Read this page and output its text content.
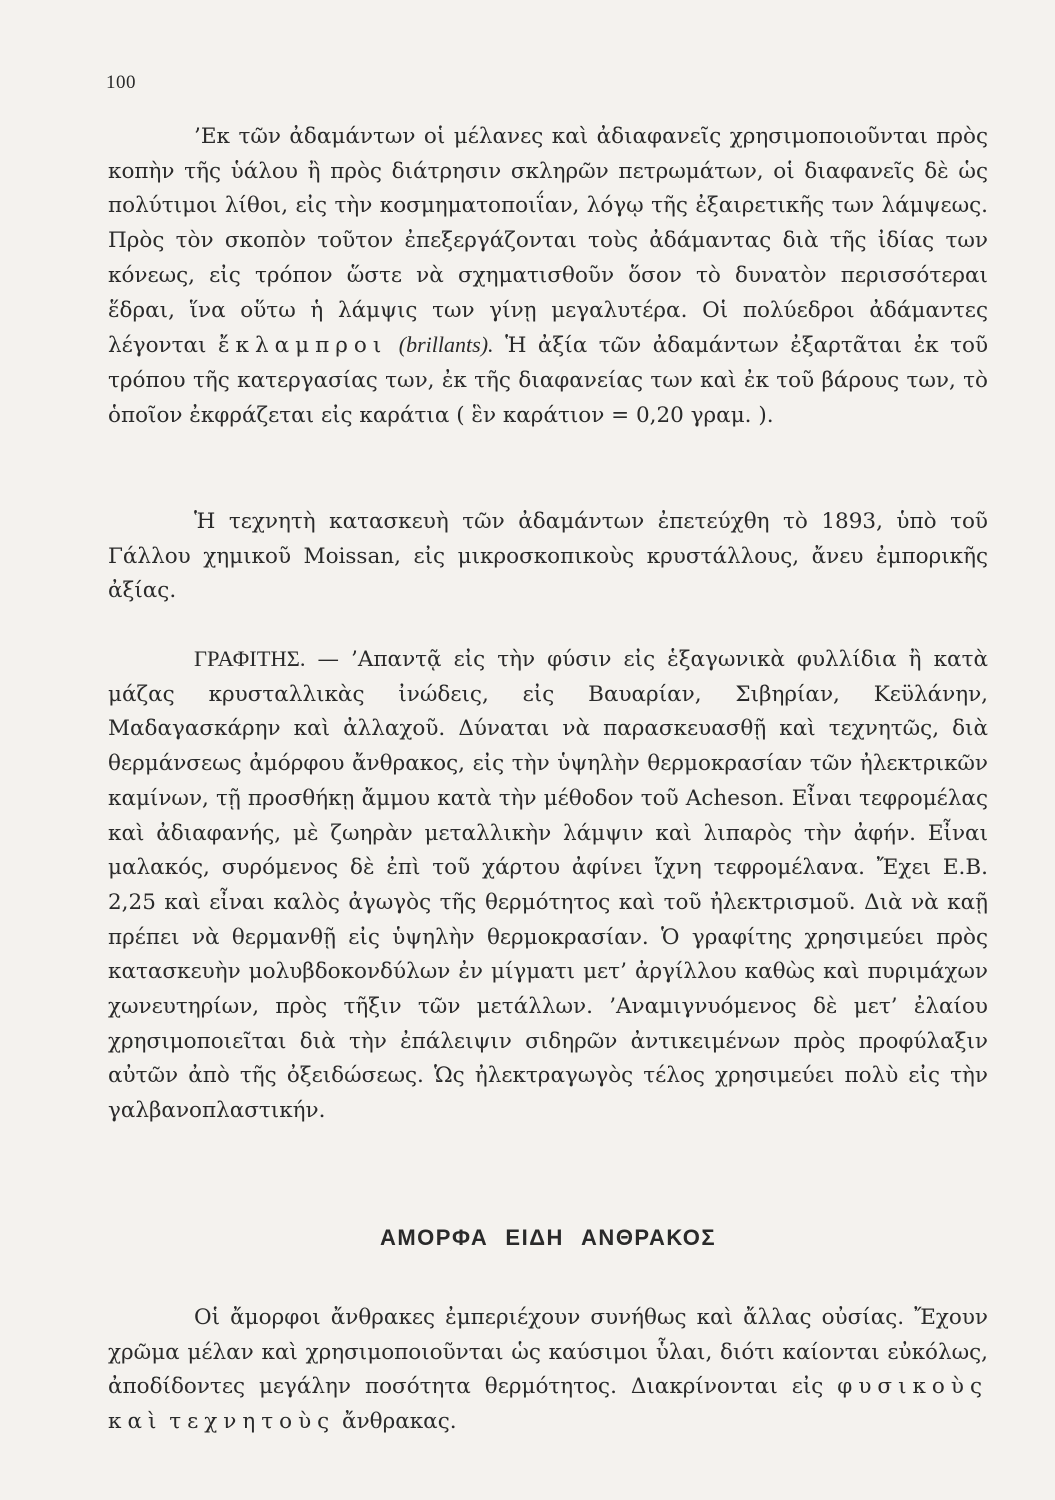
100
’Εκ τῶν ἀδαμάντων οἱ μέλανες καὶ ἀδιαφανεῖς χρησιμοποιοῦνται πρὸς κοπὴν τῆς ὑάλου ἢ πρὸς διάτρησιν σκληρῶν πετρωμάτων, οἱ διαφανεῖς δὲ ὡς πολύτιμοι λίθοι, εἰς τὴν κοσμηματοποιΐαν, λόγῳ τῆς ἐξαιρετικῆς των λάμψεως. Πρὸς τὸν σκοπὸν τοῦτον ἐπεξεργάζονται τοὺς ἀδάμαντας διὰ τῆς ἰδίας των κόνεως, εἰς τρόπον ὥστε νὰ σχηματισθοῦν ὅσον τὸ δυνατὸν περισσότεραι ἕδραι, ἵνα οὕτω ἡ λάμψις των γίνῃ μεγαλυτέρα. Οἱ πολύεδροι ἀδάμαντες λέγονται ἔκλαμπροι (brillants). Ἡ ἀξία τῶν ἀδαμάντων ἐξαρτᾶται ἐκ τοῦ τρόπου τῆς κατεργασίας των, ἐκ τῆς διαφανείας των καὶ ἐκ τοῦ βάρους των, τὸ ὁποῖον ἐκφράζεται εἰς καράτια ( ἓν καράτιον = 0,20 γραμ. ).
Ἡ τεχνητὴ κατασκευὴ τῶν ἀδαμάντων ἐπετεύχθη τὸ 1893, ὑπὸ τοῦ Γάλλου χημικοῦ Moissan, εἰς μικροσκοπικοὺς κρυστάλλους, ἄνευ ἐμπορικῆς ἀξίας.
ΓΡΑΦΙΤΗΣ. — ’Απαντᾷ εἰς τὴν φύσιν εἰς ἑξαγωνικὰ φυλλίδια ἢ κατὰ μάζας κρυσταλλικὰς ἰνώδεις, εἰς Βαυαρίαν, Σιβηρίαν, Κεϋλάνην, Μαδαγασκάρην καὶ ἀλλαχοῦ. Δύναται νὰ παρασκευασθῇ καὶ τεχνητῶς, διὰ θερμάνσεως ἀμόρφου ἄνθρακος, εἰς τὴν ὑψηλὴν θερμοκρασίαν τῶν ἠλεκτρικῶν καμίνων, τῇ προσθήκῃ ἄμμου κατὰ τὴν μέθοδον τοῦ Acheson. Εἶναι τεφρομέλας καὶ ἀδιαφανής, μὲ ζωηρὰν μεταλλικὴν λάμψιν καὶ λιπαρὸς τὴν ἀφήν. Εἶναι μαλακός, συρόμενος δὲ ἐπὶ τοῦ χάρτου ἀφίνει ἴχνη τεφρομέλανα. Ἔχει Ε.Β. 2,25 καὶ εἶναι καλὸς ἀγωγὸς τῆς θερμότητος καὶ τοῦ ἠλεκτρισμοῦ. Διὰ νὰ καῇ πρέπει νὰ θερμανθῇ εἰς ὑψηλὴν θερμοκρασίαν. Ὁ γραφίτης χρησιμεύει πρὸς κατασκευὴν μολυβδοκονδύλων ἐν μίγματι μετ’ ἀργίλλου καθὼς καὶ πυριμάχων χωνευτηρίων, πρὸς τῆξιν τῶν μετάλλων. ’Αναμιγνυόμενος δὲ μετ’ ἐλαίου χρησιμοποιεῖται διὰ τὴν ἐπάλειψιν σιδηρῶν ἀντικειμένων πρὸς προφύλαξιν αὐτῶν ἀπὸ τῆς ὀξειδώσεως. Ὡς ἠλεκτραγωγὸς τέλος χρησιμεύει πολὺ εἰς τὴν γαλβανοπλαστικήν.
ΑΜΟΡΦΑ ΕΙΔΗ ΑΝΘΡΑΚΟΣ
Οἱ ἄμορφοι ἄνθρακες ἐμπεριέχουν συνήθως καὶ ἄλλας οὐσίας. Ἔχουν χρῶμα μέλαν καὶ χρησιμοποιοῦνται ὡς καύσιμοι ὗλαι, διότι καίονται εὐκόλως, ἀποδίδοντες μεγάλην ποσότητα θερμότητος. Διακρίνονται εἰς φυσικοὺς καὶ τεχνητοὺς ἄνθρακας.
